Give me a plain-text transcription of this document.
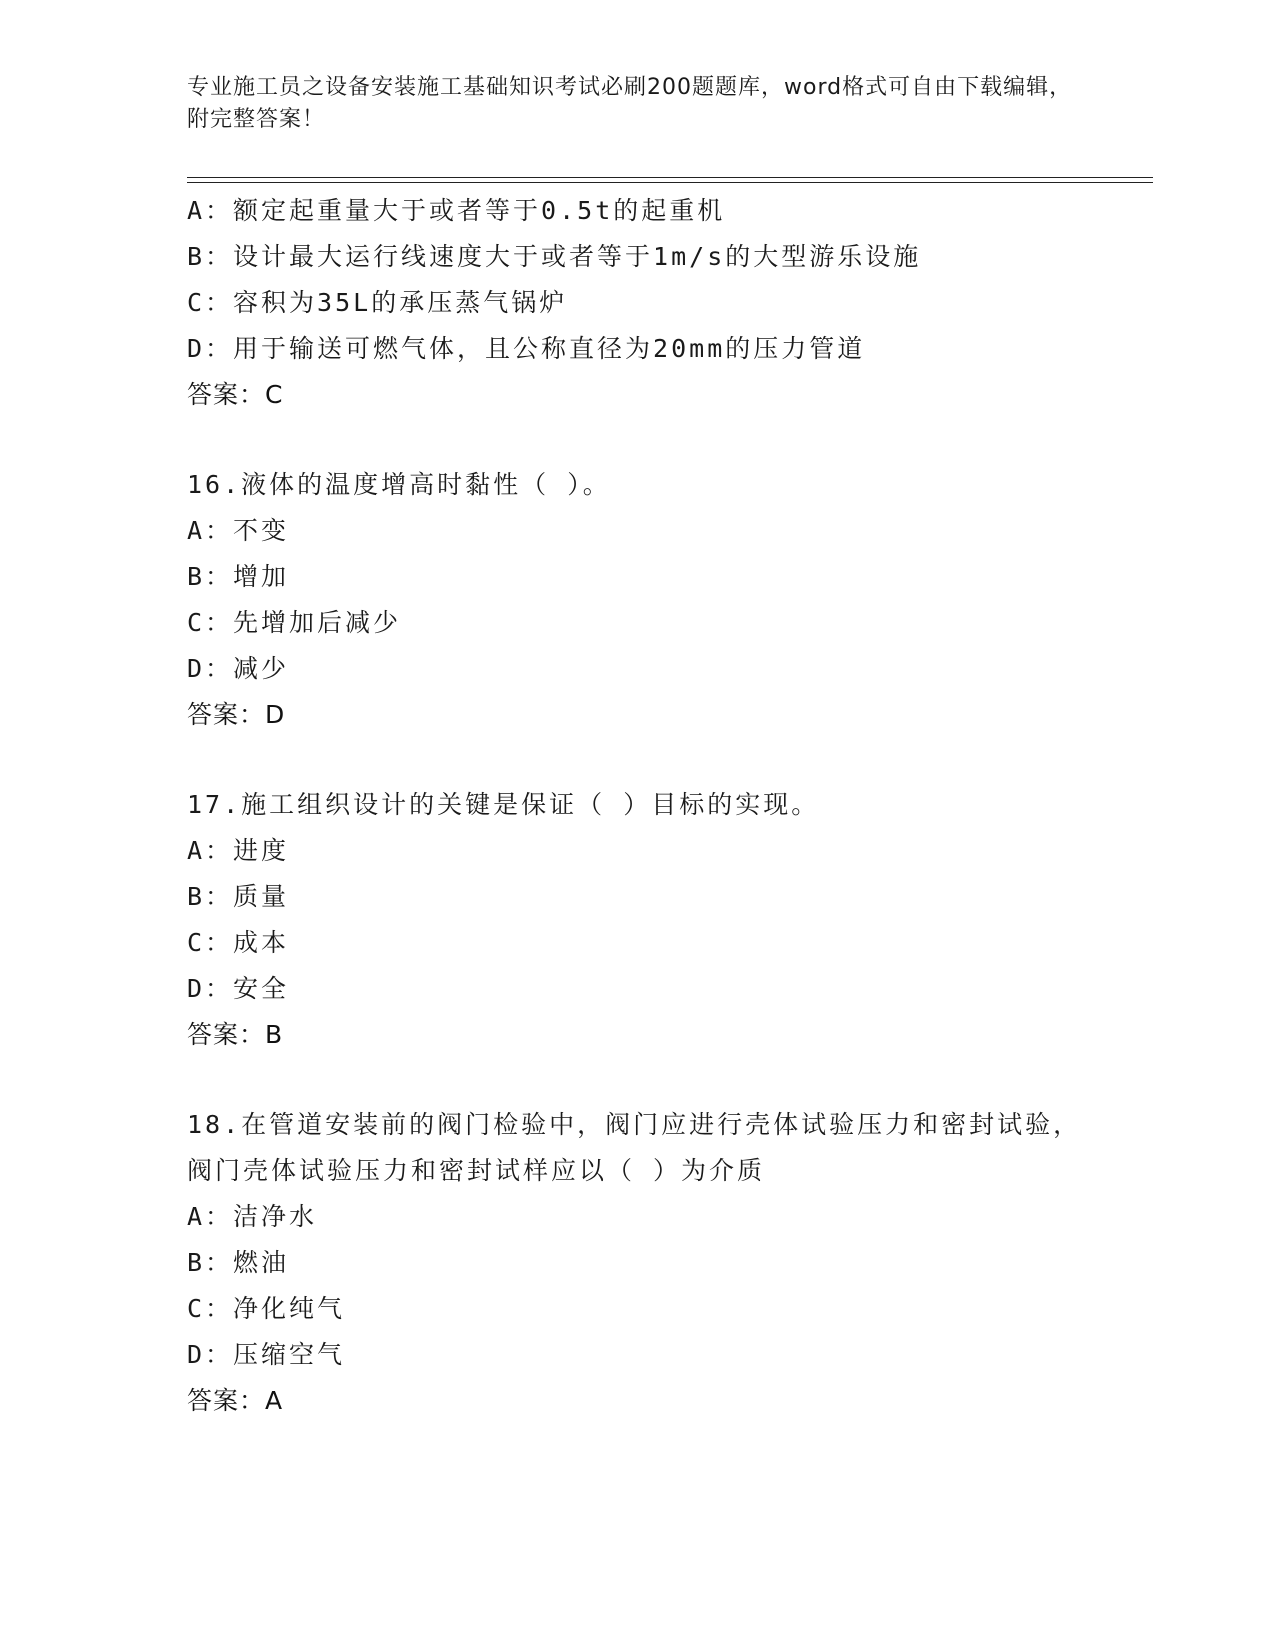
专业施工员之设备安装施工基础知识考试必刷200题题库，word格式可自由下载编辑，附完整答案！
A：额定起重量大于或者等于0.5t的起重机
B：设计最大运行线速度大于或者等于1m/s的大型游乐设施
C：容积为35L的承压蒸气锅炉
D：用于输送可燃气体，且公称直径为20mm的压力管道
答案：C
16.液体的温度增高时黏性（ ）。
A：不变
B：增加
C：先增加后减少
D：减少
答案：D
17.施工组织设计的关键是保证（ ）目标的实现。
A：进度
B：质量
C：成本
D：安全
答案：B
18.在管道安装前的阀门检验中，阀门应进行壳体试验压力和密封试验，阀门壳体试验压力和密封试样应以（ ）为介质
A：洁净水
B：燃油
C：净化纯气
D：压缩空气
答案：A
